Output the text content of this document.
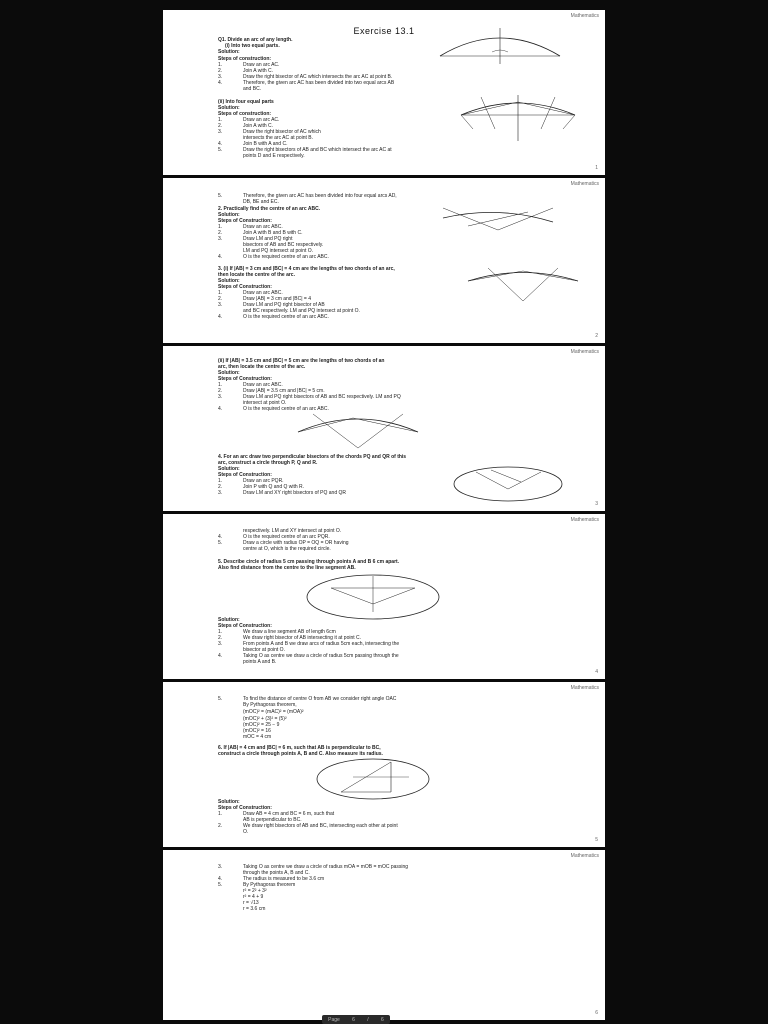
Mathematics
Exercise 13.1
Q1. Divide an arc of any length.
(i) Into two equal parts.
Solution:
Steps of construction:
1.	Draw an arc AC.
2.	Join A with C.
3.	Draw the right bisector of AC which intersects the arc AC at point B.
4.	Therefore, the given arc AC has been divided into two equal arcs AB
and BC.
(ii) Into four equal parts
Solution:
Steps of construction:
1.	Draw an arc AC.
2.	Join A with C.
3.	Draw the right bisector of AC which
intersects the arc AC at point B.
4.	Join B with A and C.
5.	Draw the right bisectors of AB and BC which intersect the arc AC at
points D and E respectively.
1
Mathematics
5.	Therefore, the given arc AC has been divided into four equal arcs AD,
DB, BE and EC.
2. Practically find the centre of an arc ABC.
Solution:
Steps of Construction:
1.	Draw an arc ABC.
2.	Join A with B and B with C.
3.	Draw LM and PQ right
bisectors of AB and BC respectively.
LM and PQ intersect at point O.
4.	O is the required centre of an arc ABC.
3. (i) If |AB| = 3 cm and |BC| = 4 cm are the lengths of two chords of an arc,
then locate the centre of the arc.
Solution:
Steps of Construction:
1.	Draw an arc ABC.
2.	Draw |AB| = 3 cm and |BC| = 4
3.	Draw LM and PQ right bisector of AB
and BC respectively. LM and PQ intersect at point O.
4.	O is the required centre of an arc ABC.
2
Mathematics
(ii) If |AB| = 3.5 cm and |BC| = 5 cm are the lengths of two chords of an
arc, then locate the centre of the arc.
Solution:
Steps of Construction:
1.	Draw an arc ABC.
2.	Draw |AB| = 3.5 cm and |BC| = 5 cm.
3.	Draw LM and PQ right bisectors of AB and BC respectively. LM and PQ
intersect at point O.
4.	O is the required centre of an arc ABC.
4. For an arc draw two perpendicular bisectors of the chords PQ and QR of this
arc, construct a circle through P, Q and R.
Solution:
Steps of Construction:
1.	Draw an arc PQR.
2.	Join P with Q and Q with R.
3.	Draw LM and XY right bisectors of PQ and QR
3
Mathematics
respectively. LM and XY intersect at point O.
4.	O is the required centre of an arc PQR.
5.	Draw a circle with radius OP = OQ = OR having
centre at O, which is the required circle.
5. Describe circle of radius 5 cm passing through points A and B 6 cm apart.
Also find distance from the centre to the line segment AB.
Solution:
Steps of Construction:
1.	We draw a line segment AB of length 6cm
2.	We draw right bisector of AB intersecting it at point C.
3.	From points A and B we draw arcs of radius 5cm each, intersecting the
bisector at point O.
4.	Taking O as centre we draw a circle of radius 5cm passing through the
points A and B.
4
Mathematics
5.	To find the distance of centre O from AB we consider right angle OAC
By Pythagoras theorem,
(mOC)² = (mAC)² = (mOA)²
(mOC)² + (3)² = (5)²
(mOC)² = 25 − 9
(mOC)² = 16
mOC = 4 cm
6. If |AB| = 4 cm and |BC| = 6 m, such that AB is perpendicular to BC,
construct a circle through points A, B and C. Also measure its radius.
Solution:
Steps of Construction:
1.	Draw AB = 4 cm and BC = 6 m, such that
AB is perpendicular to BC.
2.	We draw right bisectors of AB and BC, intersecting each other at point
O.
5
Mathematics
3.	Taking O as centre we draw a circle of radius mOA = mOB = mOC passing
through the points A, B and C.
4.	The radius is measured to be 3.6 cm
5.	By Pythagoras theorem
r² = 2² + 3²
r² = 4 + 9
r = √13
r = 3.6 cm
6
Page 6 / 6
